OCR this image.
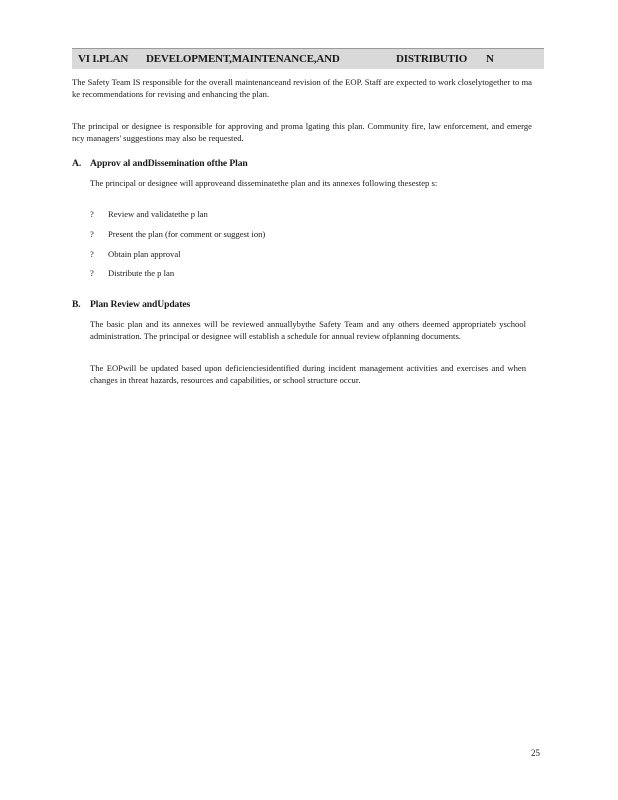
VI I.PLAN DEVELOPMENT,MAINTENANCE,AND	DISTRIBUTIO N
The Safety Team IS responsible for the overall maintenanceand revision of the EOP. Staff are expected to work closelytogether to ma ke recommendations for revising and enhancing the plan.
The principal or designee is responsible for approving and proma lgating this plan. Community fire, law enforcement, and emerge ncy managers' suggestions may also be requested.
A. Approv al andDissemination ofthe Plan
The principal or designee will approveand disseminatethe plan and its annexes following thesestep s:
? Review and validatethe p lan
? Present the plan (for comment or suggest ion)
? Obtain plan approval
? Distribute the p lan
B. Plan Review andUpdates
The basic plan and its annexes will be reviewed annuallybythe Safety Team and any others deemed appropriateb yschool administration. The principal or designee will establish a schedule for annual review ofplanning documents.
The EOPwill be updated based upon deficienciesidentified during incident management activities and exercises and when changes in threat hazards, resources and capabilities, or school structure occur.
25
